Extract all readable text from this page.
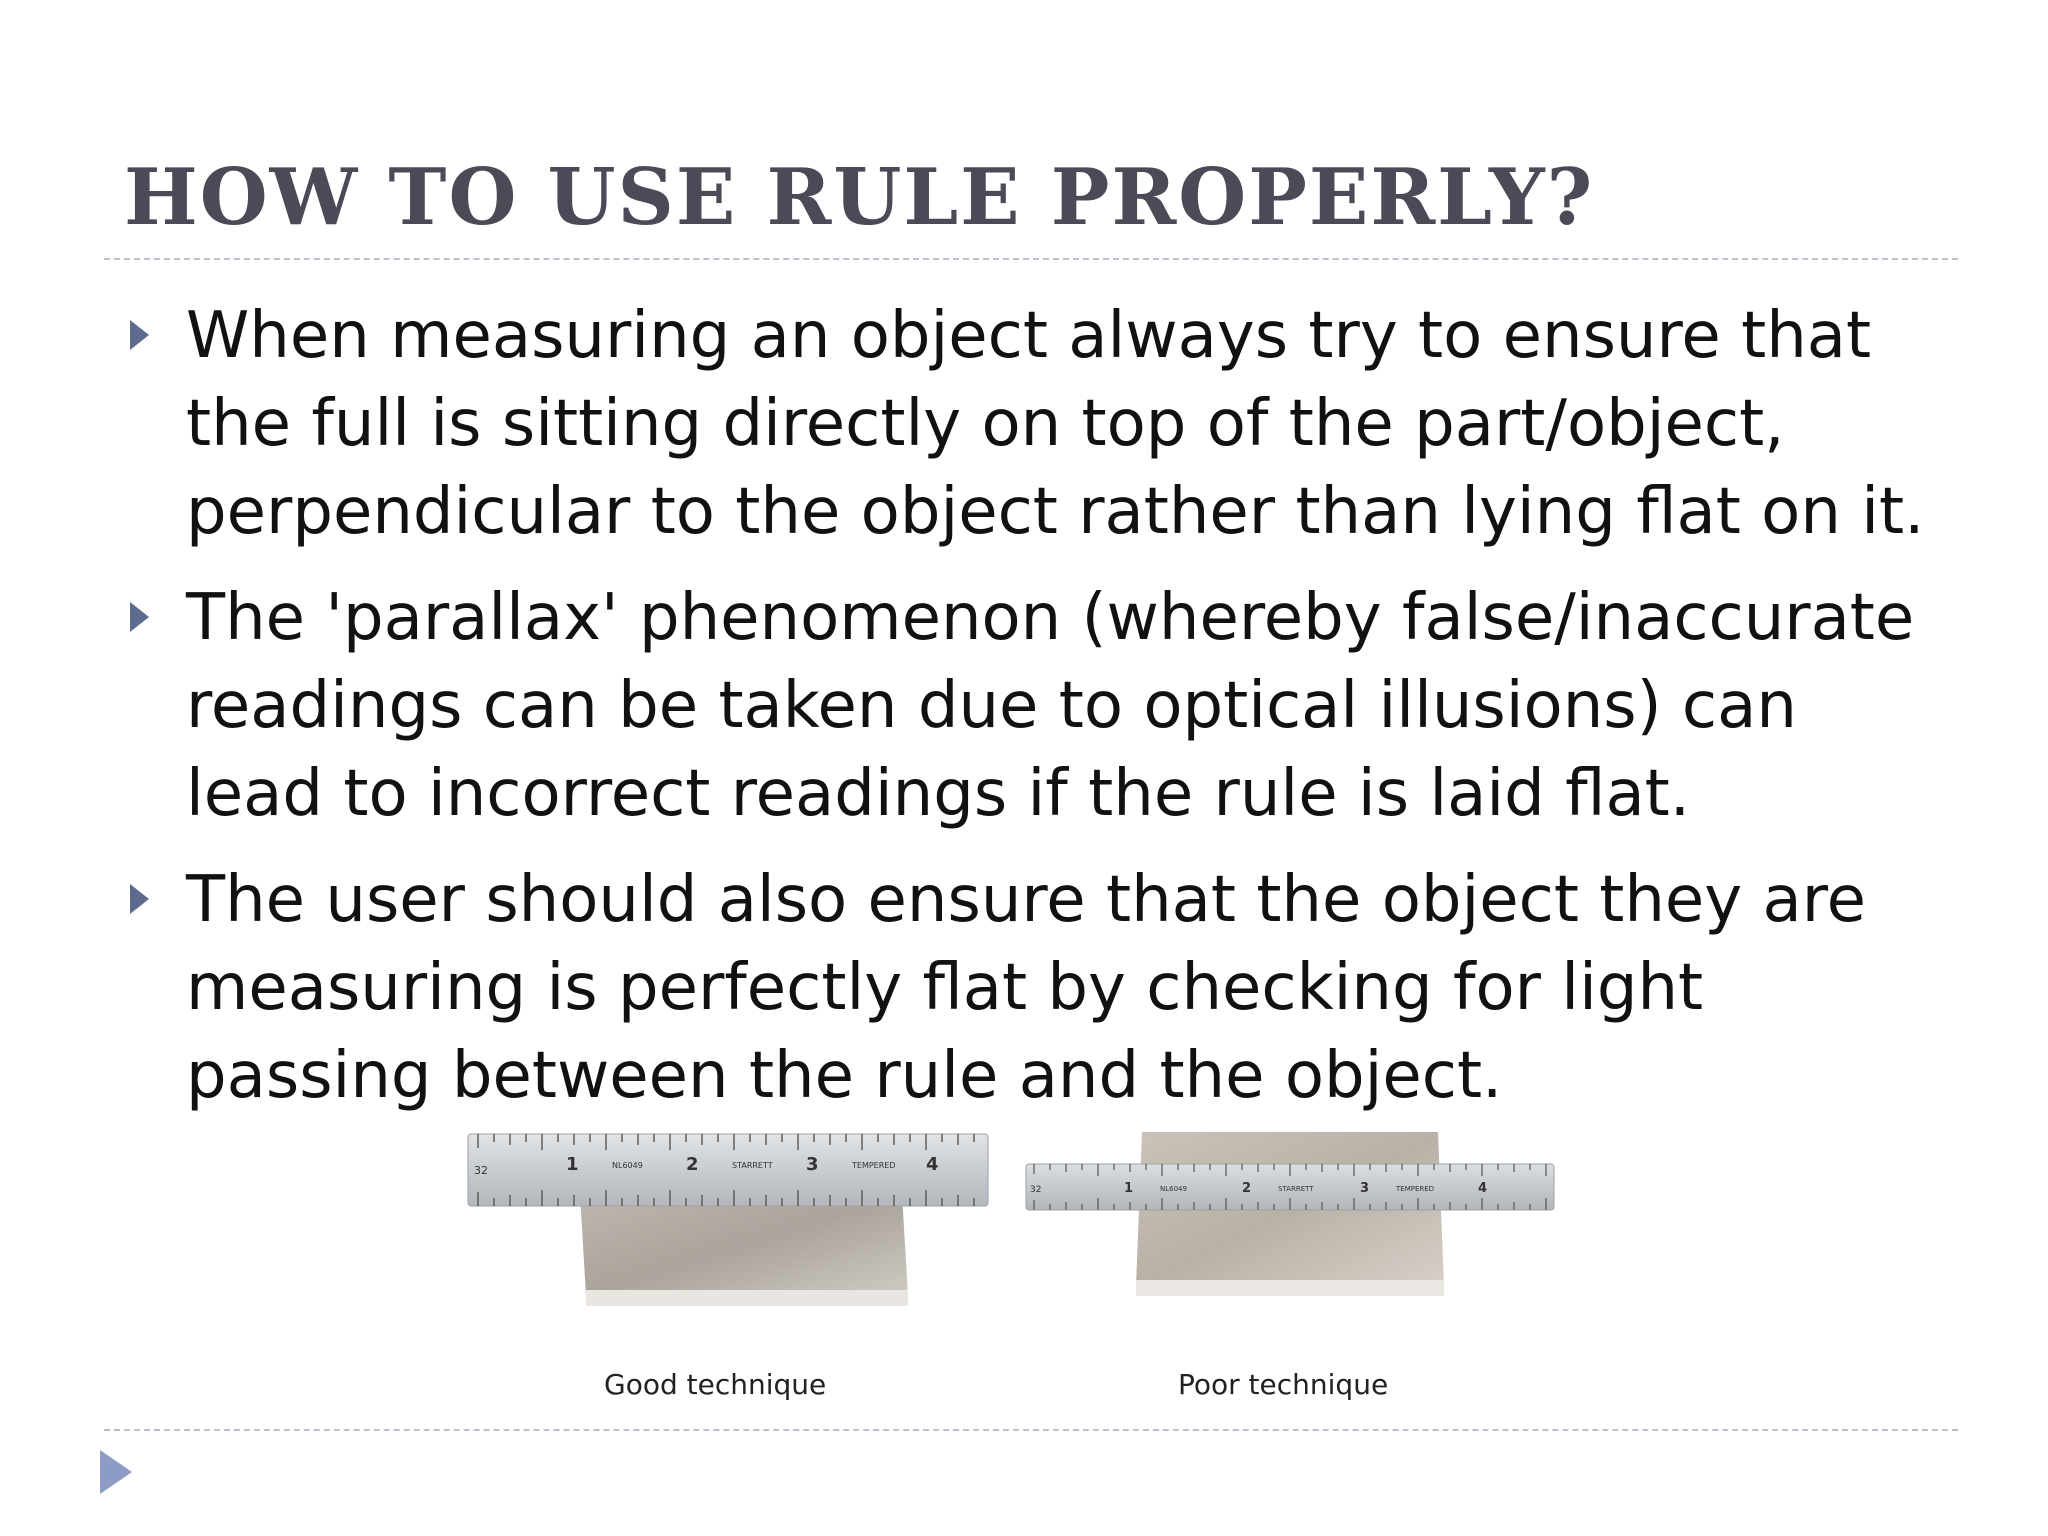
HOW TO USE RULE PROPERLY?
When measuring an object always try to ensure that the full is sitting directly on top of the part/object, perpendicular to the object rather than lying flat on it.
The 'parallax' phenomenon (whereby false/inaccurate readings can be taken due to optical illusions) can lead to incorrect readings if the rule is laid flat.
The user should also ensure that the object they are measuring is perfectly flat by checking for light passing between the rule and the object.
32	1	NL6049 2	STARRETT 3	TEMPERED 4
32	1	NL6049	2	STARRETT	3	TEMPERED	4
Good technique	Poor technique
